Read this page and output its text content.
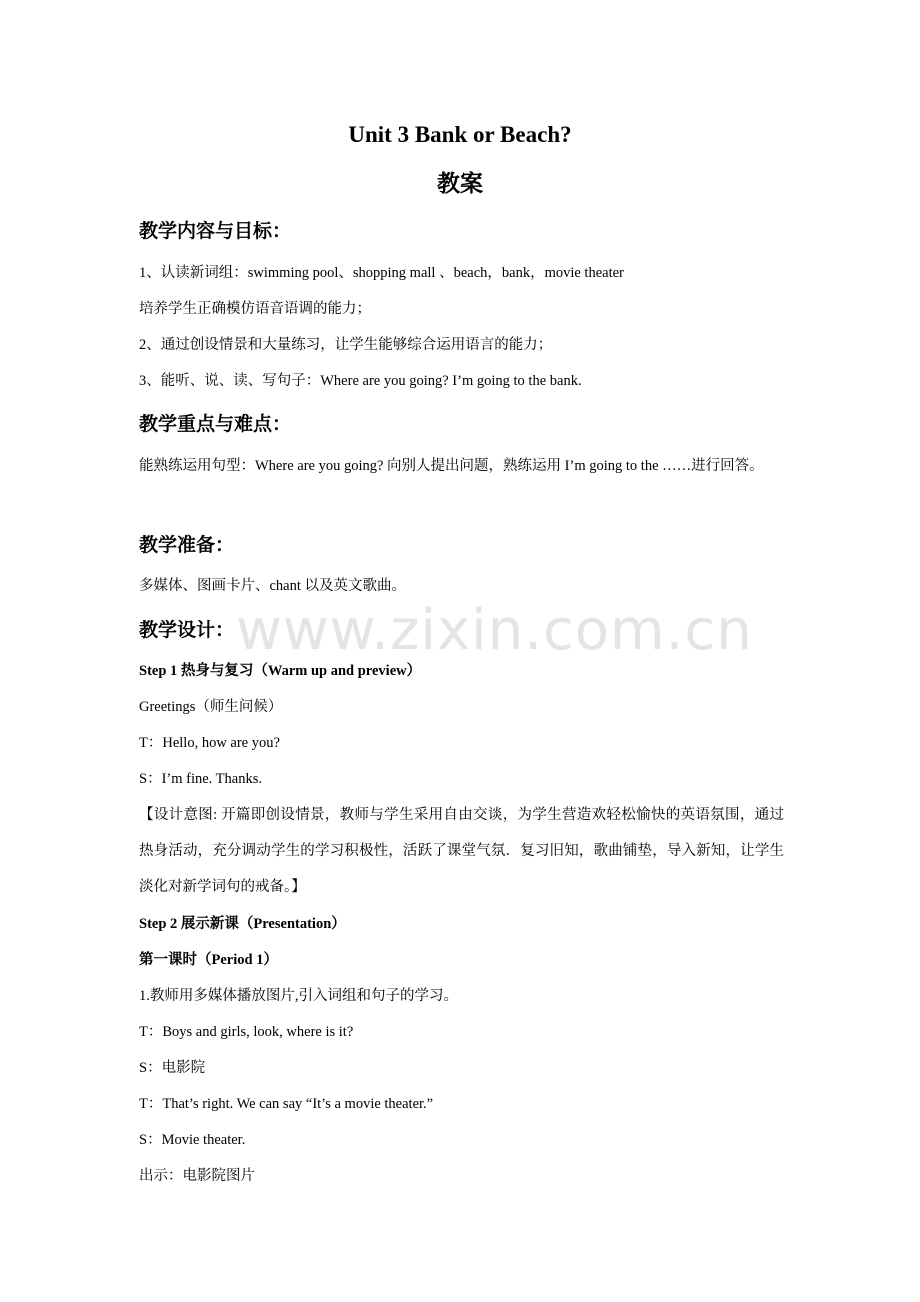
Unit 3 Bank or Beach?
教案
教学内容与目标：
1、认读新词组：swimming pool、shopping mall 、beach，bank，movie theater
培养学生正确模仿语音语调的能力；
2、通过创设情景和大量练习，让学生能够综合运用语言的能力；
3、能听、说、读、写句子：Where are you going? I’m going to the bank.
教学重点与难点：
能熟练运用句型：Where are you going? 向别人提出问题，熟练运用 I’m going to the ……进行回答。
教学准备：
多媒体、图画卡片、chant 以及英文歌曲。
教学设计：
Step 1 热身与复习（Warm up and preview）
Greetings（师生问候）
T：Hello, how are you?
S：I’m fine. Thanks.
【设计意图: 开篇即创设情景，教师与学生采用自由交谈，为学生营造欢轻松愉快的英语氛围，通过热身活动，充分调动学生的学习积极性，活跃了课堂气氛．复习旧知，歌曲铺垫，导入新知，让学生淡化对新学词句的戒备。】
Step 2 展示新课（Presentation）
第一课时（Period 1）
1.教师用多媒体播放图片,引入词组和句子的学习。
T：Boys and girls, look, where is it?
S：电影院
T：That’s right. We can say “It’s a movie theater.”
S：Movie theater.
出示：电影院图片
www.zixin.com.cn
